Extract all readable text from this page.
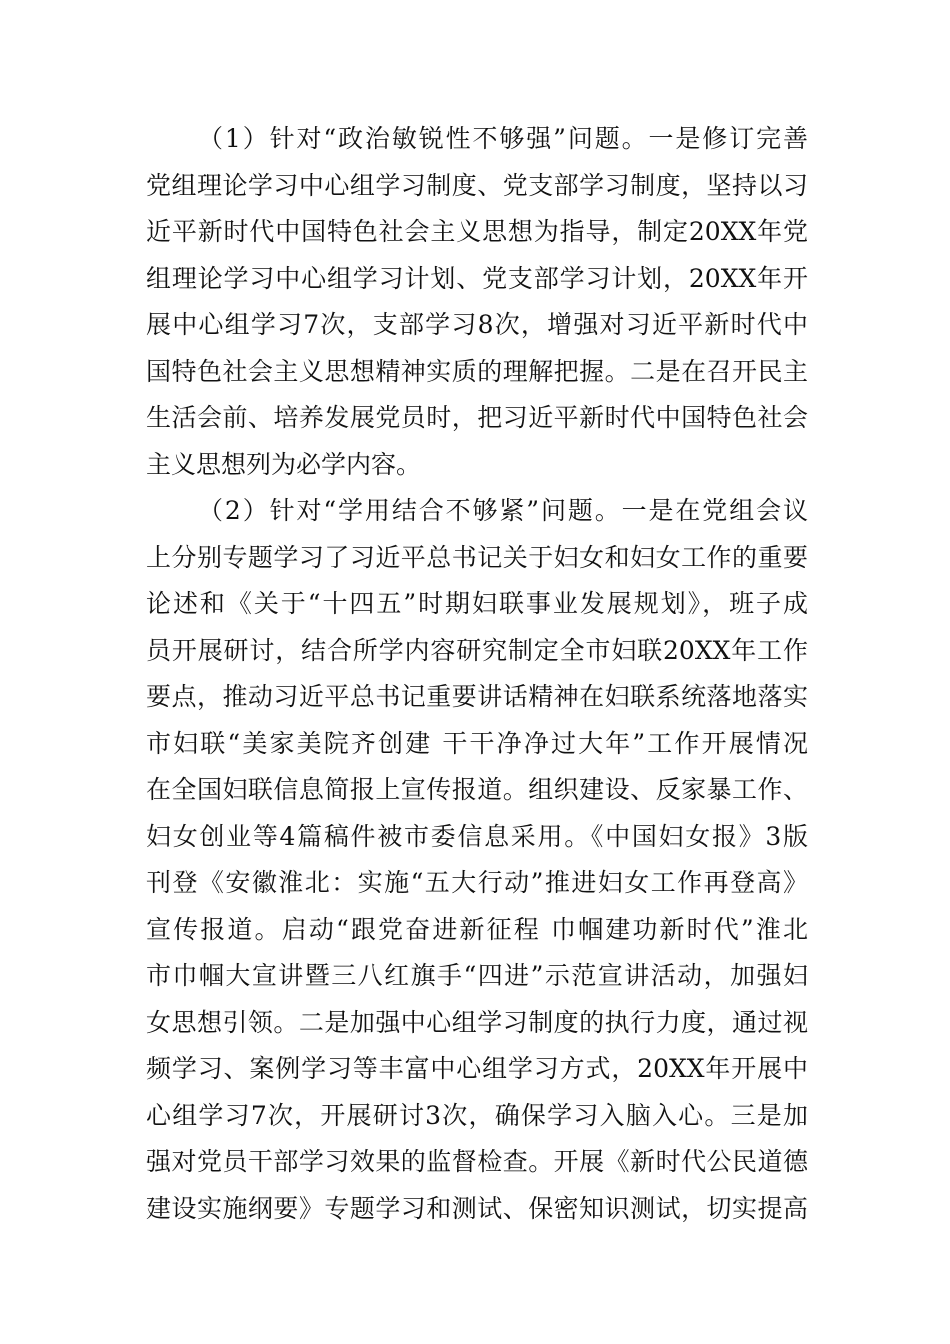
（1）针对“政治敏锐性不够强”问题。一是修订完善
党组理论学习中心组学习制度、党支部学习制度，坚持以习
近平新时代中国特色社会主义思想为指导，制定20XX年党
组理论学习中心组学习计划、党支部学习计划，20XX年开
展中心组学习7次，支部学习8次，增强对习近平新时代中
国特色社会主义思想精神实质的理解把握。二是在召开民主
生活会前、培养发展党员时，把习近平新时代中国特色社会
主义思想列为必学内容。
（2）针对“学用结合不够紧”问题。一是在党组会议
上分别专题学习了习近平总书记关于妇女和妇女工作的重要
论述和《关于“十四五”时期妇联事业发展规划》，班子成
员开展研讨，结合所学内容研究制定全市妇联20XX年工作
要点，推动习近平总书记重要讲话精神在妇联系统落地落实
市妇联“美家美院齐创建 干干净净过大年”工作开展情况
在全国妇联信息简报上宣传报道。组织建设、反家暴工作、
妇女创业等4篇稿件被市委信息采用。《中国妇女报》3版
刊登《安徽淮北：实施“五大行动”推进妇女工作再登高》
宣传报道。启动“跟党奋进新征程 巾帼建功新时代”淮北
市巾帼大宣讲暨三八红旗手“四进”示范宣讲活动，加强妇
女思想引领。二是加强中心组学习制度的执行力度，通过视
频学习、案例学习等丰富中心组学习方式，20XX年开展中
心组学习7次，开展研讨3次，确保学习入脑入心。三是加
强对党员干部学习效果的监督检查。开展《新时代公民道德
建设实施纲要》专题学习和测试、保密知识测试，切实提高
